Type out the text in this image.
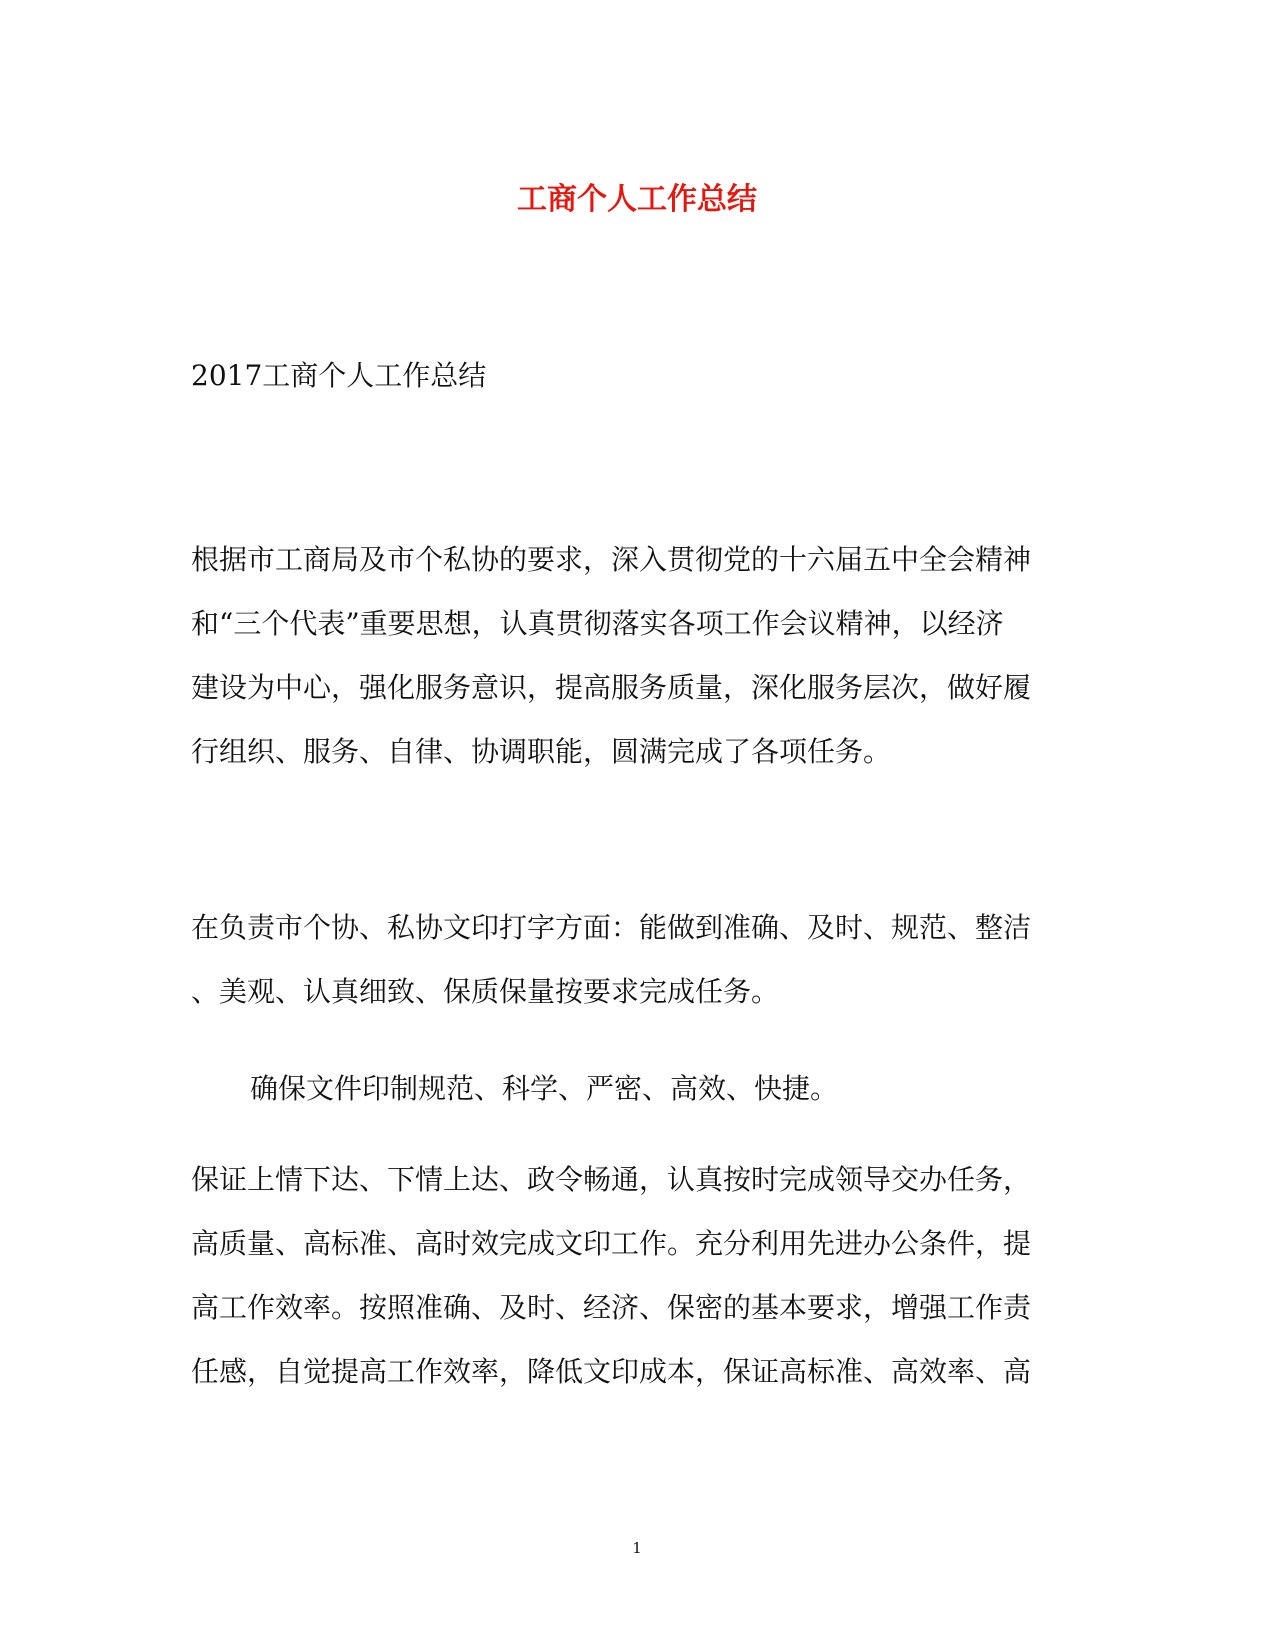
工商个人工作总结
2017工商个人工作总结
根据市工商局及市个私协的要求，深入贯彻党的十六届五中全会精神
和“三个代表”重要思想，认真贯彻落实各项工作会议精神，以经济
建设为中心，强化服务意识，提高服务质量，深化服务层次，做好履
行组织、服务、自律、协调职能，圆满完成了各项任务。
在负责市个协、私协文印打字方面：能做到准确、及时、规范、整洁
、美观、认真细致、保质保量按要求完成任务。
确保文件印制规范、科学、严密、高效、快捷。
保证上情下达、下情上达、政令畅通，认真按时完成领导交办任务，
高质量、高标准、高时效完成文印工作。充分利用先进办公条件，提
高工作效率。按照准确、及时、经济、保密的基本要求，增强工作责
任感，自觉提高工作效率，降低文印成本，保证高标准、高效率、高
1
